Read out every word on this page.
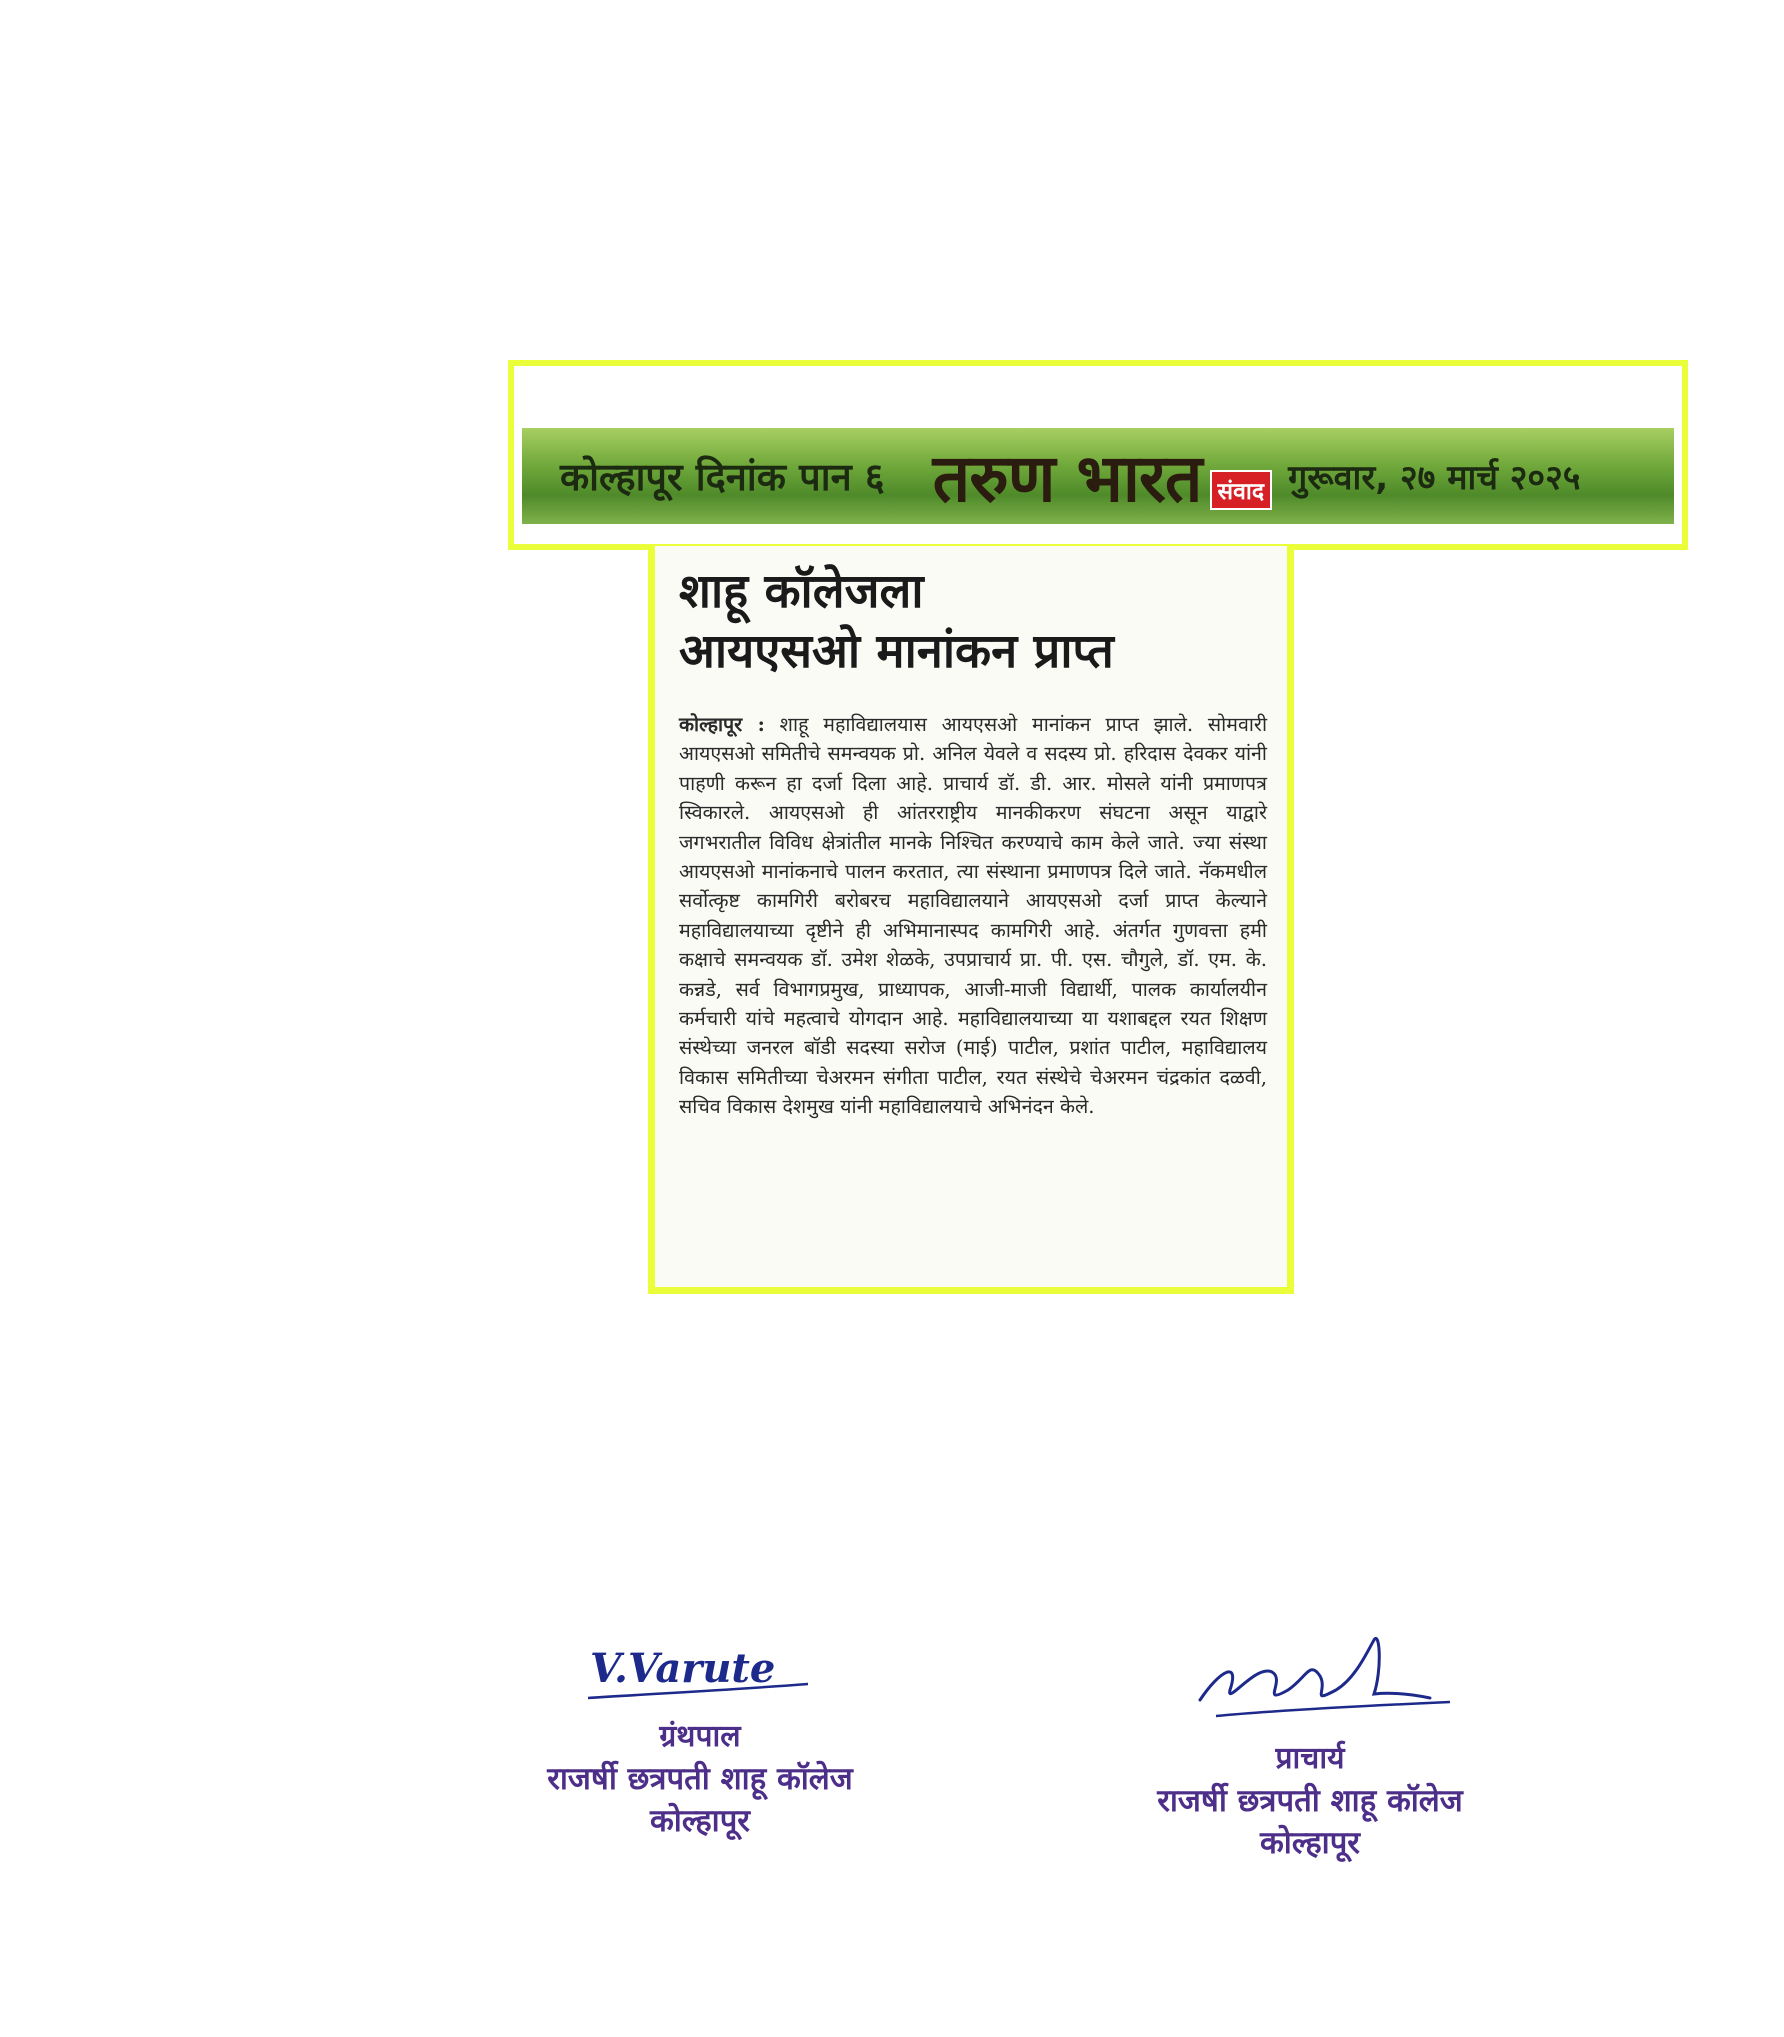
कोल्हापूर दिनांक पान ६ तरुण भारत संवाद गुरूवार, २७ मार्च २०२५
शाहू कॉलेजला
आयएसओ मानांकन प्राप्त

कोल्हापूर : शाहू महाविद्यालयास आयएसओ मानांकन प्राप्त झाले. सोमवारी आयएसओ समितीचे समन्वयक प्रो. अनिल येवले व सदस्य प्रो. हरिदास देवकर यांनी पाहणी करून हा दर्जा दिला आहे. प्राचार्य डॉ. डी. आर. मोसले यांनी प्रमाणपत्र स्विकारले. आयएसओ ही आंतरराष्ट्रीय मानकीकरण संघटना असून याद्वारे जगभरातील विविध क्षेत्रांतील मानके निश्चित करण्याचे काम केले जाते. ज्या संस्था आयएसओ मानांकनाचे पालन करतात, त्या संस्थाना प्रमाणपत्र दिले जाते. नॅकमधील सर्वोत्कृष्ट कामगिरी बरोबरच महाविद्यालयाने आयएसओ दर्जा प्राप्त केल्याने महाविद्यालयाच्या दृष्टीने ही अभिमानास्पद कामगिरी आहे. अंतर्गत गुणवत्ता हमी कक्षाचे समन्वयक डॉ. उमेश शेळके, उपप्राचार्य प्रा. पी. एस. चौगुले, डॉ. एम. के. कन्नडे, सर्व विभागप्रमुख, प्राध्यापक, आजी-माजी विद्यार्थी, पालक कार्यालयीन कर्मचारी यांचे महत्वाचे योगदान आहे. महाविद्यालयाच्या या यशाबद्दल रयत शिक्षण संस्थेच्या जनरल बॉडी सदस्या सरोज (माई) पाटील, प्रशांत पाटील, महाविद्यालय विकास समितीच्या चेअरमन संगीता पाटील, रयत संस्थेचे चेअरमन चंद्रकांत दळवी, सचिव विकास देशमुख यांनी महाविद्यालयाचे अभिनंदन केले.

V.Varute
ग्रंथपाल
राजर्षी छत्रपती शाहू कॉलेज
कोल्हापूर
प्राचार्य
राजर्षी छत्रपती शाहू कॉलेज
कोल्हापूर
